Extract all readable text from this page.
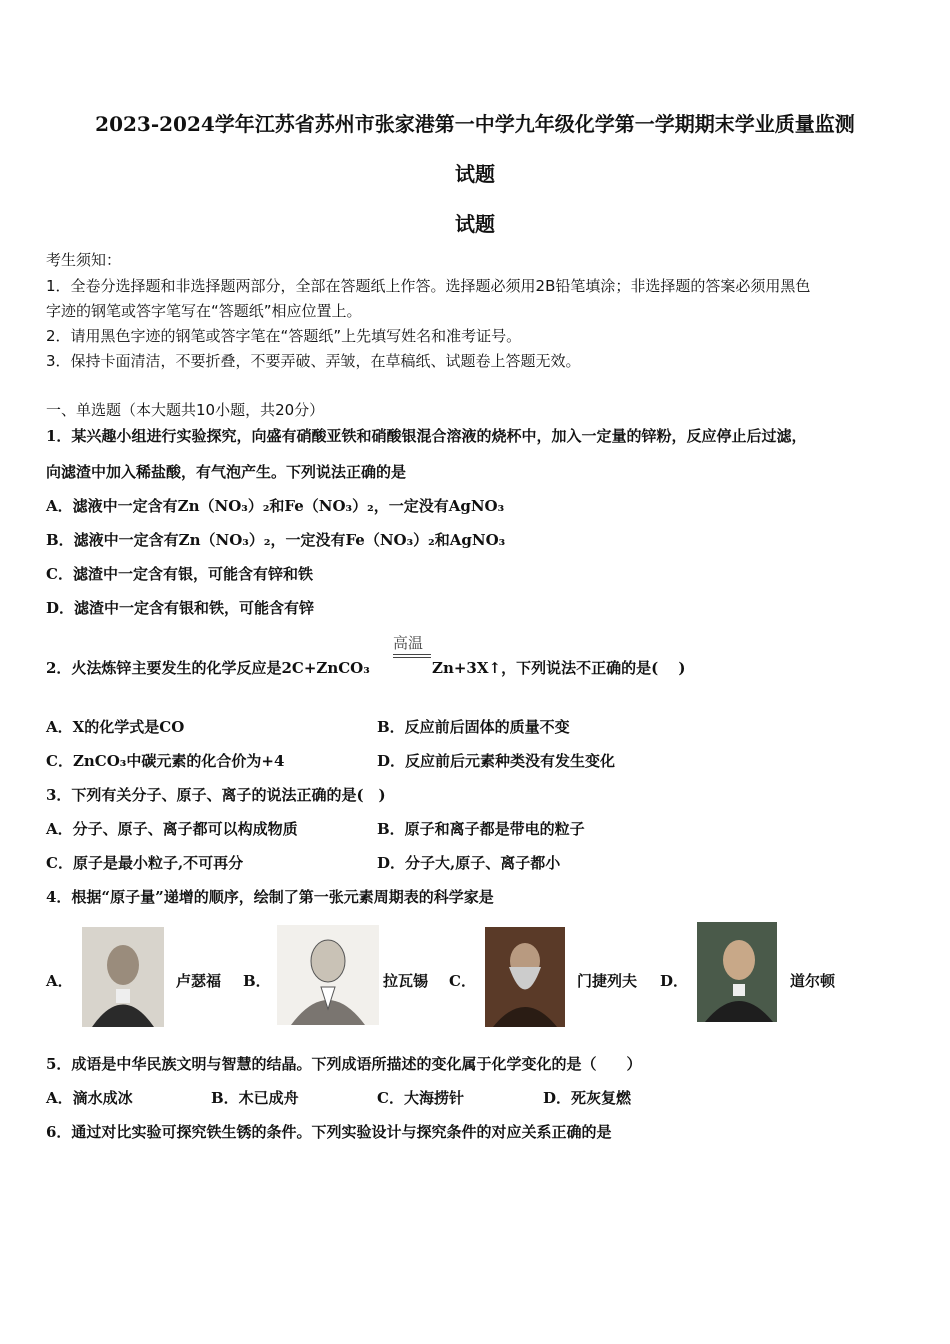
2023-2024学年江苏省苏州市张家港第一中学九年级化学第一学期期末学业质量监测
试题
试题
考生须知：
1．全卷分选择题和非选择题两部分，全部在答题纸上作答。选择题必须用2B铅笔填涂；非选择题的答案必须用黑色
字迹的钢笔或答字笔写在“答题纸”相应位置上。
2．请用黑色字迹的钢笔或答字笔在“答题纸”上先填写姓名和准考证号。
3．保持卡面清洁，不要折叠，不要弄破、弄皱，在草稿纸、试题卷上答题无效。
一、单选题（本大题共10小题，共20分）
1．某兴趣小组进行实验探究，向盛有硝酸亚铁和硝酸银混合溶液的烧杯中，加入一定量的锌粉，反应停止后过滤，
向滤渣中加入稀盐酸，有气泡产生。下列说法正确的是
A．滤液中一定含有Zn（NO₃）₂和Fe（NO₃）₂，一定没有AgNO₃
B．滤液中一定含有Zn（NO₃）₂，一定没有Fe（NO₃）₂和AgNO₃
C．滤渣中一定含有银，可能含有锌和铁
D．滤渣中一定含有银和铁，可能含有锌
2．火法炼锌主要发生的化学反应是2C+ZnCO₃
高温
Zn+3X↑，下列说法不正确的是(　 )
A．X的化学式是CO	B．反应前后固体的质量不变
C．ZnCO₃中碳元素的化合价为+4	D．反应前后元素种类没有发生变化
3．下列有关分子、原子、离子的说法正确的是(　)
A．分子、原子、离子都可以构成物质	B．原子和离子都是带电的粒子
C．原子是最小粒子,不可再分	D．分子大,原子、离子都小
4．根据“原子量”递增的顺序，绘制了第一张元素周期表的科学家是
A．	卢瑟福 B．	拉瓦锡 C．	门捷列夫 D．	道尔顿
5．成语是中华民族文明与智慧的结晶。下列成语所描述的变化属于化学变化的是（　　）
A．滴水成冰	B．木已成舟	C．大海捞针	D．死灰复燃
6．通过对比实验可探究铁生锈的条件。下列实验设计与探究条件的对应关系正确的是
